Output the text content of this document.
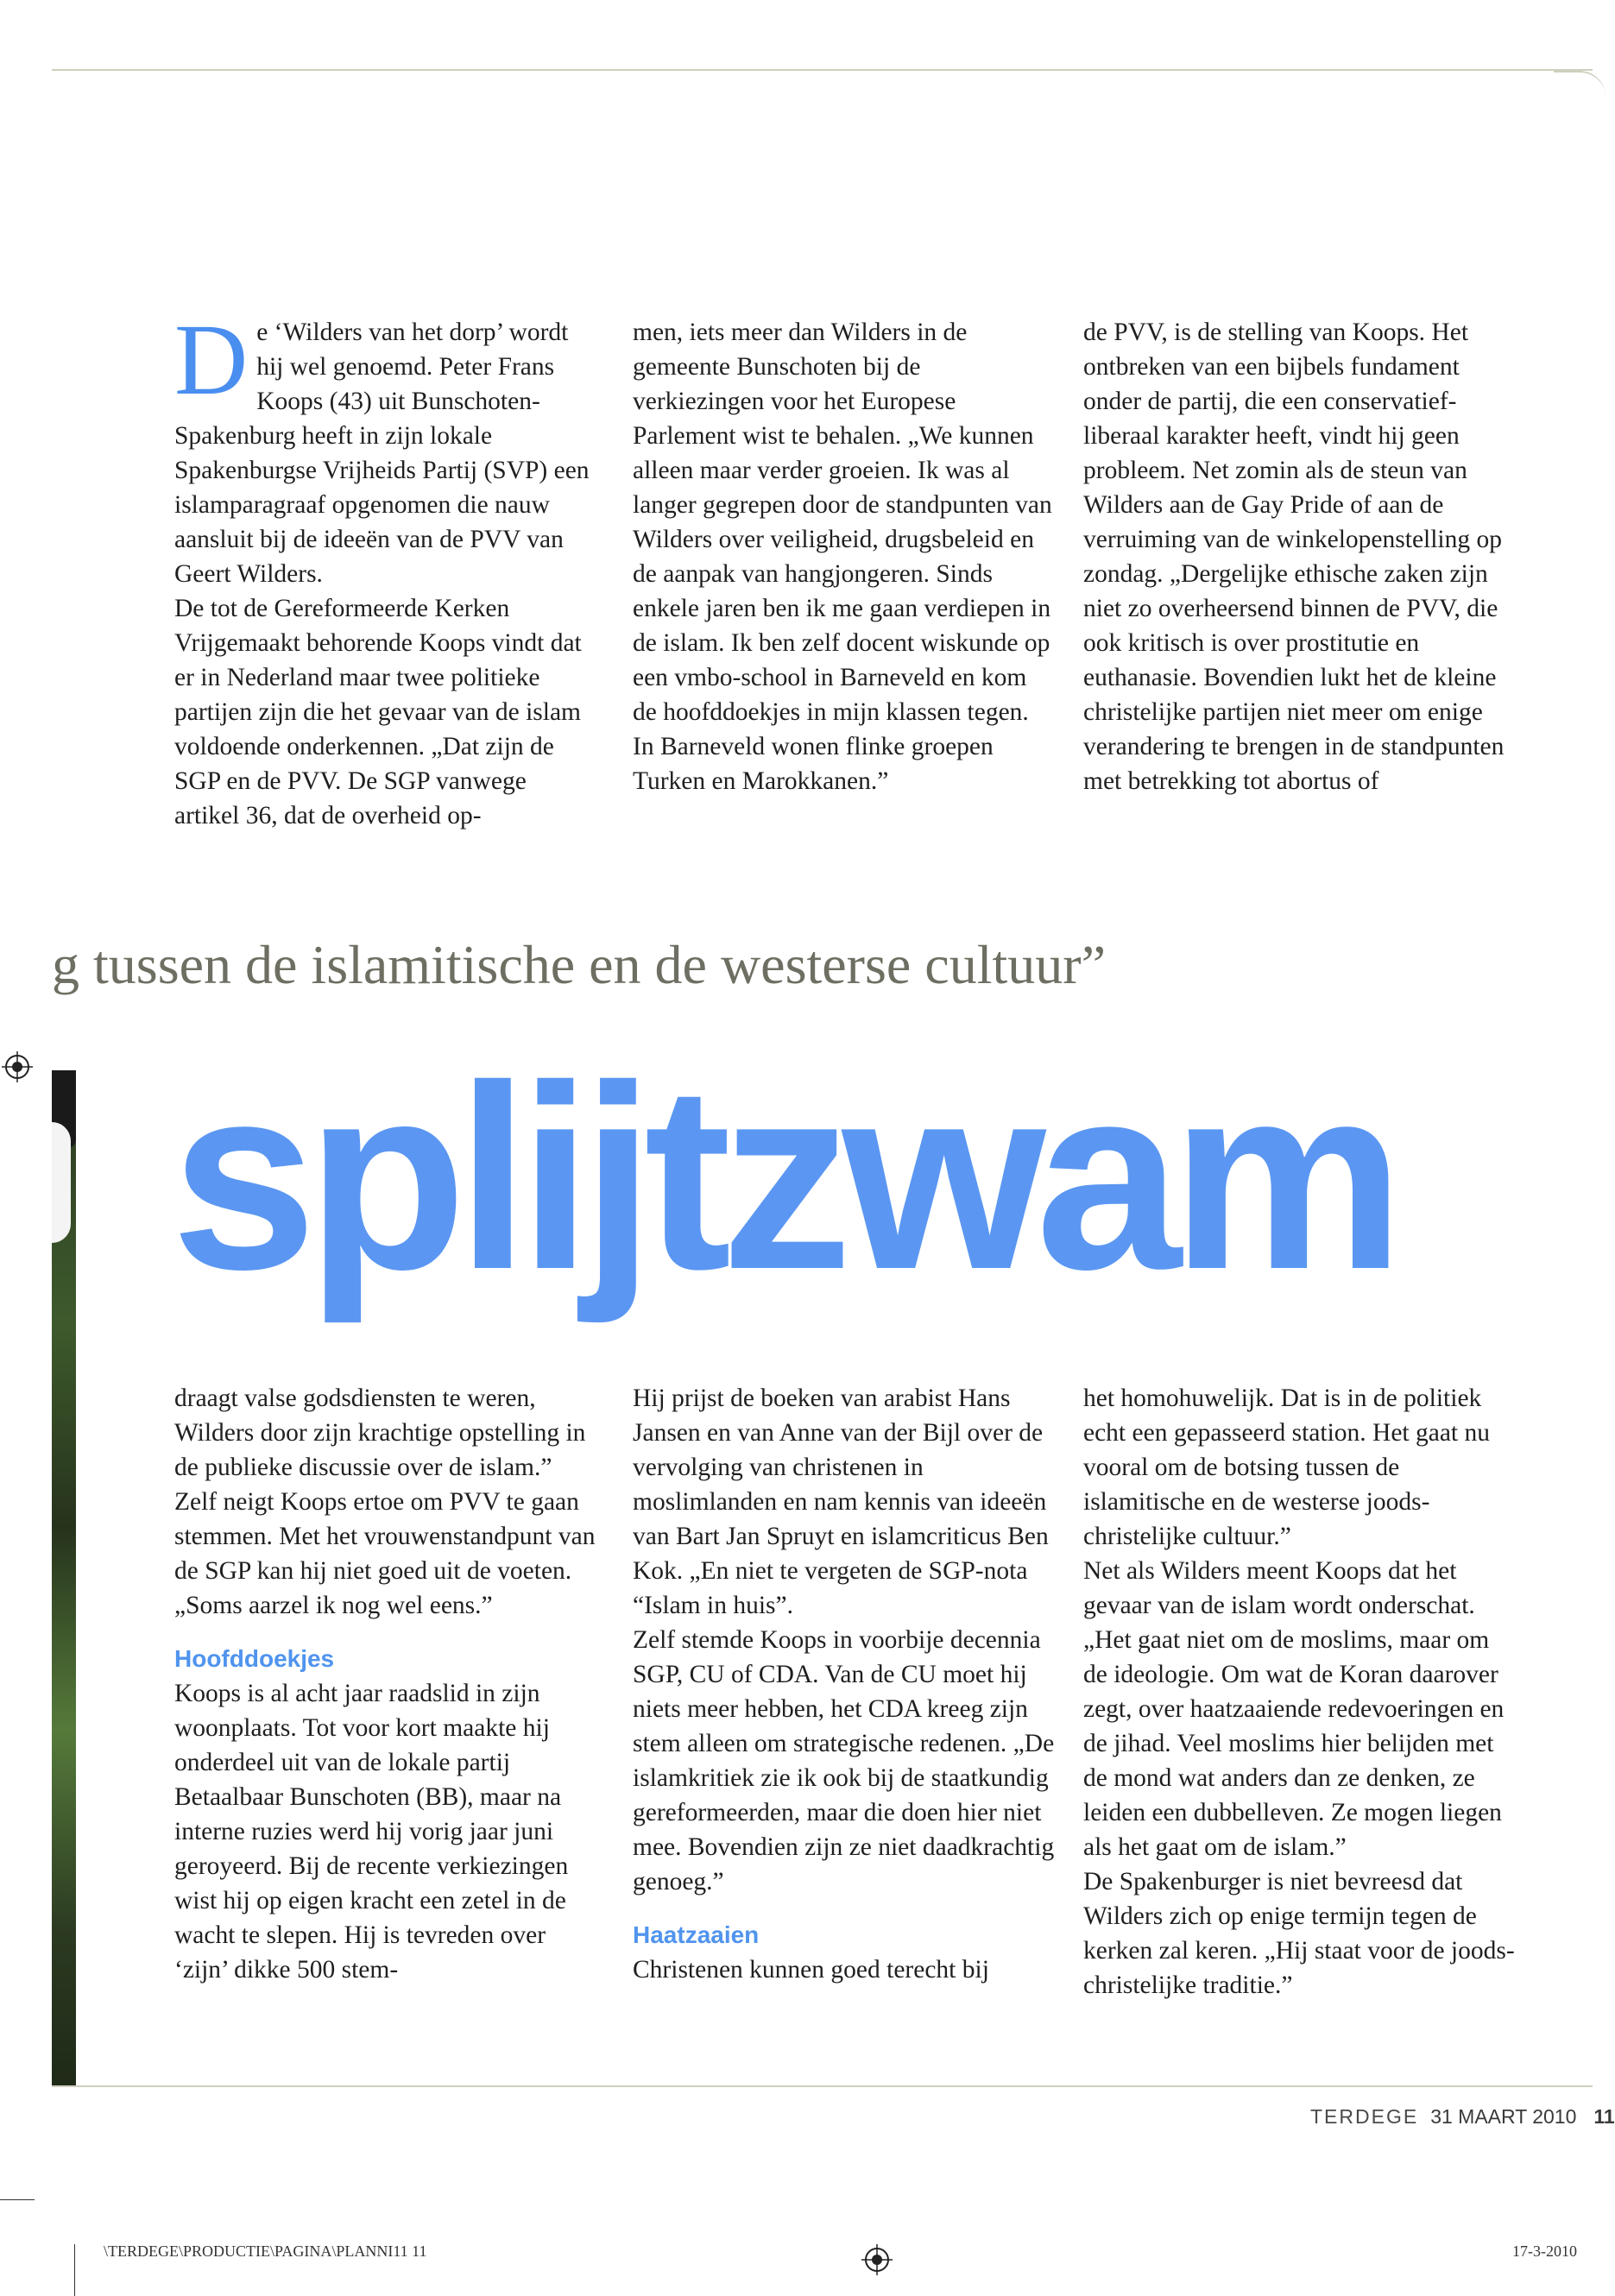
D e ‘Wilders van het dorp’ wordt hij wel genoemd. Peter Frans Koops (43) uit Bunschoten-Spakenburg heeft in zijn lokale Spakenburgse Vrijheids Partij (SVP) een islamparagraaf opgenomen die nauw aansluit bij de ideeën van de PVV van Geert Wilders.

De tot de Gereformeerde Kerken Vrijgemaakt behorende Koops vindt dat er in Nederland maar twee politieke partijen zijn die het gevaar van de islam voldoende onderkennen. „Dat zijn de SGP en de PVV. De SGP vanwege artikel 36, dat de overheid op-

men, iets meer dan Wilders in de gemeente Bunschoten bij de verkiezingen voor het Europese Parlement wist te behalen. „We kunnen alleen maar verder groeien. Ik was al langer gegrepen door de standpunten van Wilders over veiligheid, drugsbeleid en de aanpak van hangjongeren. Sinds enkele jaren ben ik me gaan verdiepen in de islam. Ik ben zelf docent wiskunde op een vmbo-school in Barneveld en kom de hoofddoekjes in mijn klassen tegen. In Barneveld wonen flinke groepen Turken en Marokkanen.”

de PVV, is de stelling van Koops. Het ontbreken van een bijbels fundament onder de partij, die een conservatief-liberaal karakter heeft, vindt hij geen probleem. Net zomin als de steun van Wilders aan de Gay Pride of aan de verruiming van de winkelopenstelling op zondag. „Dergelijke ethische zaken zijn niet zo overheersend binnen de PVV, die ook kritisch is over prostitutie en euthanasie. Bovendien lukt het de kleine christelijke partijen niet meer om enige verandering te brengen in de standpunten met betrekking tot abortus of

g tussen de islamitische en de westerse cultuur”
splijtzwam

draagt valse godsdiensten te weren, Wilders door zijn krachtige opstelling in de publieke discussie over de islam.” Zelf neigt Koops ertoe om PVV te gaan stemmen. Met het vrouwenstandpunt van de SGP kan hij niet goed uit de voeten. „Soms aarzel ik nog wel eens.”

Hoofddoekjes

Koops is al acht jaar raadslid in zijn woonplaats. Tot voor kort maakte hij onderdeel uit van de lokale partij Betaalbaar Bunschoten (BB), maar na interne ruzies werd hij vorig jaar juni geroyeerd. Bij de recente verkiezingen wist hij op eigen kracht een zetel in de wacht te slepen. Hij is tevreden over ‘zijn’ dikke 500 stem-

Hij prijst de boeken van arabist Hans Jansen en van Anne van der Bijl over de vervolging van christenen in moslimlanden en nam kennis van ideeën van Bart Jan Spruyt en islamcriticus Ben Kok. „En niet te vergeten de SGP-nota “Islam in huis”.

Zelf stemde Koops in voorbije decennia SGP, CU of CDA. Van de CU moet hij niets meer hebben, het CDA kreeg zijn stem alleen om strategische redenen. „De islamkritiek zie ik ook bij de staatkundig gereformeerden, maar die doen hier niet mee. Bovendien zijn ze niet daadkrachtig genoeg.”

Haatzaaien

Christenen kunnen goed terecht bij

het homohuwelijk. Dat is in de politiek echt een gepasseerd station. Het gaat nu vooral om de botsing tussen de islamitische en de westerse joods-christelijke cultuur.”

Net als Wilders meent Koops dat het gevaar van de islam wordt onderschat. „Het gaat niet om de moslims, maar om de ideologie. Om wat de Koran daarover zegt, over haatzaaiende redevoeringen en de jihad. Veel moslims hier belijden met de mond wat anders dan ze denken, ze leiden een dubbelleven. Ze mogen liegen als het gaat om de islam.”

De Spakenburger is niet bevreesd dat Wilders zich op enige termijn tegen de kerken zal keren. „Hij staat voor de joods-christelijke traditie.”

TERDEGE 31 MAART 2010 11
\TERDEGE\PRODUCTIE\PAGINA\PLANNI11 11	17-3-2010
